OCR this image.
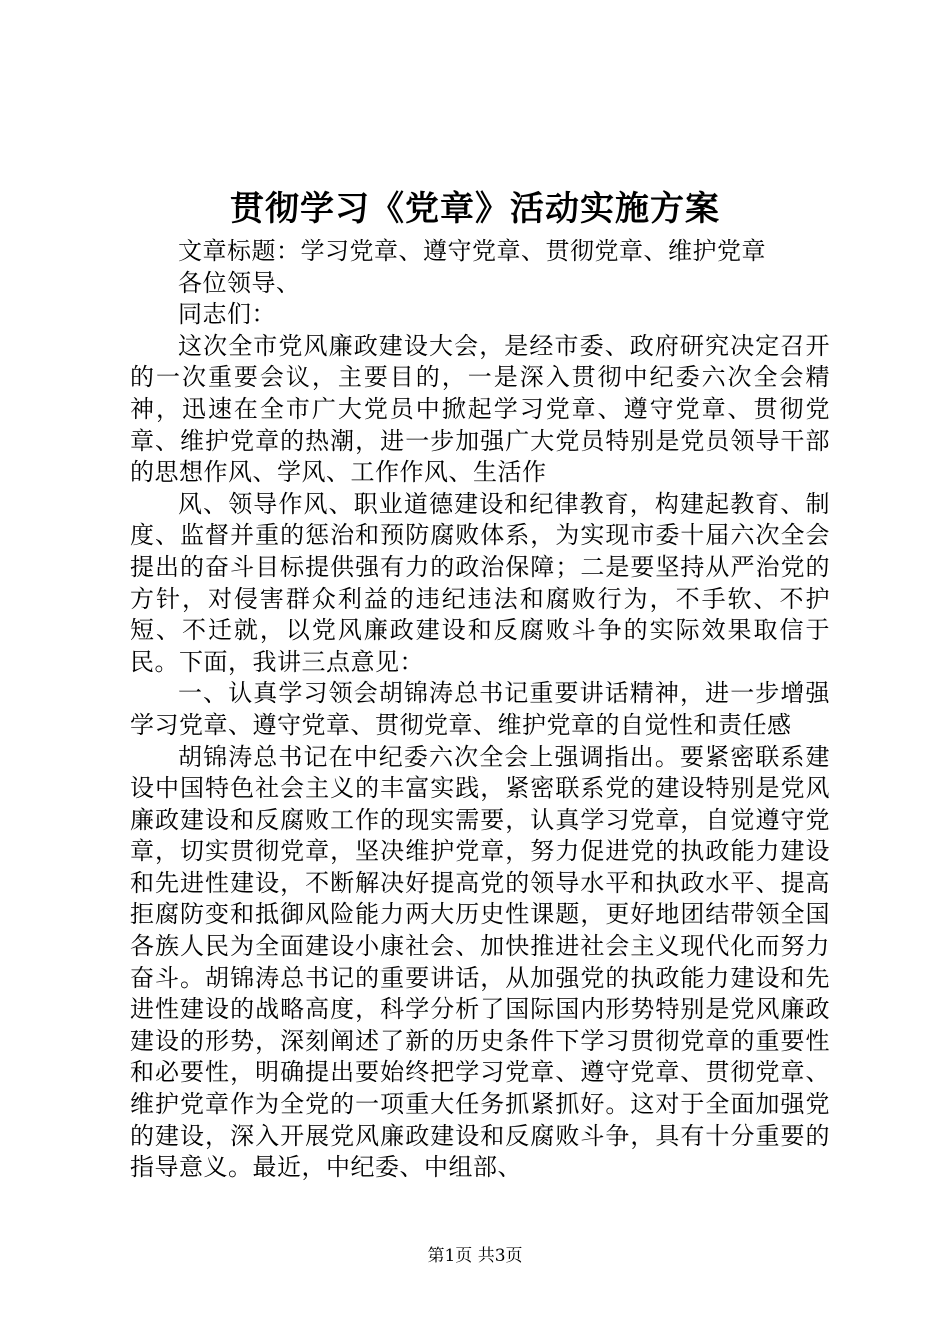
贯彻学习《党章》活动实施方案

文章标题：学习党章、遵守党章、贯彻党章、维护党章

各位领导、

同志们：

这次全市党风廉政建设大会，是经市委、政府研究决定召开的一次重要会议，主要目的，一是深入贯彻中纪委六次全会精神，迅速在全市广大党员中掀起学习党章、遵守党章、贯彻党章、维护党章的热潮，进一步加强广大党员特别是党员领导干部的思想作风、学风、工作作风、生活作

风、领导作风、职业道德建设和纪律教育，构建起教育、制度、监督并重的惩治和预防腐败体系，为实现市委十届六次全会提出的奋斗目标提供强有力的政治保障；二是要坚持从严治党的方针，对侵害群众利益的违纪违法和腐败行为，不手软、不护短、不迁就，以党风廉政建设和反腐败斗争的实际效果取信于民。下面，我讲三点意见：

一、认真学习领会胡锦涛总书记重要讲话精神，进一步增强学习党章、遵守党章、贯彻党章、维护党章的自觉性和责任感

胡锦涛总书记在中纪委六次全会上强调指出。要紧密联系建设中国特色社会主义的丰富实践，紧密联系党的建设特别是党风廉政建设和反腐败工作的现实需要，认真学习党章，自觉遵守党章，切实贯彻党章，坚决维护党章，努力促进党的执政能力建设和先进性建设，不断解决好提高党的领导水平和执政水平、提高拒腐防变和抵御风险能力两大历史性课题，更好地团结带领全国各族人民为全面建设小康社会、加快推进社会主义现代化而努力奋斗。胡锦涛总书记的重要讲话，从加强党的执政能力建设和先进性建设的战略高度，科学分析了国际国内形势特别是党风廉政建设的形势，深刻阐述了新的历史条件下学习贯彻党章的重要性和必要性，明确提出要始终把学习党章、遵守党章、贯彻党章、维护党章作为全党的一项重大任务抓紧抓好。这对于全面加强党的建设，深入开展党风廉政建设和反腐败斗争，具有十分重要的指导意义。最近，中纪委、中组部、

第1页 共3页
